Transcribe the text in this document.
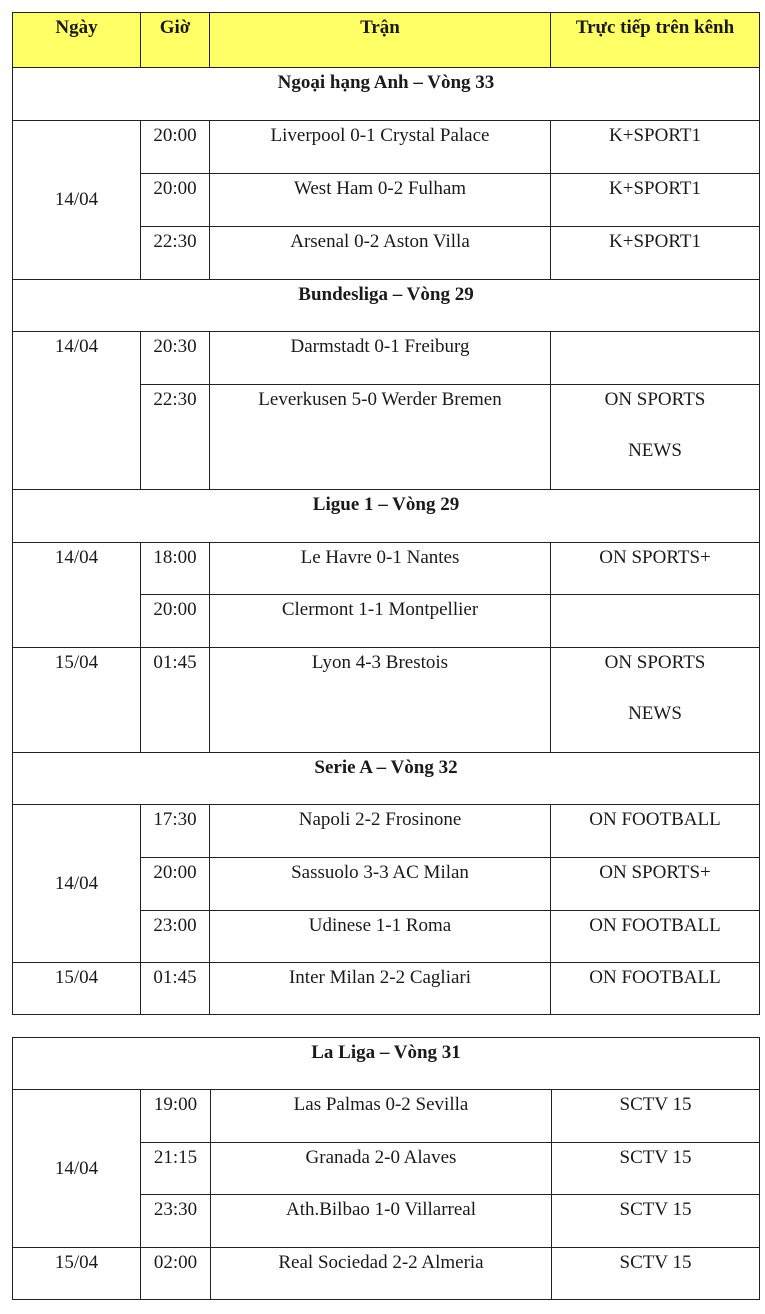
Ngày	Giờ	Trận	Trực tiếp trên kênh
Ngoại hạng Anh – Vòng 33			
14/04	20:00	Liverpool 0-1 Crystal Palace	K+SPORT1
	20:00	West Ham 0-2 Fulham	K+SPORT1
	22:30	Arsenal 0-2 Aston Villa	K+SPORT1
Bundesliga – Vòng 29			
14/04	20:30	Darmstadt 0-1 Freiburg	
	22:30	Leverkusen 5-0 Werder Bremen	ON SPORTS
NEWS

Ligue 1 – Vòng 29			
14/04	18:00	Le Havre 0-1 Nantes	ON SPORTS+
	20:00	Clermont 1-1 Montpellier	
15/04	01:45	Lyon 4-3 Brestois	ON SPORTS
NEWS

Serie A – Vòng 32			
14/04	17:30	Napoli 2-2 Frosinone	ON FOOTBALL
	20:00	Sassuolo 3-3 AC Milan	ON SPORTS+
	23:00	Udinese 1-1 Roma	ON FOOTBALL
15/04	01:45	Inter Milan 2-2 Cagliari	ON FOOTBALL
La Liga – Vòng 31			
14/04	19:00	Las Palmas 0-2 Sevilla	SCTV 15
	21:15	Granada 2-0 Alaves	SCTV 15
	23:30	Ath.Bilbao 1-0 Villarreal	SCTV 15
15/04	02:00	Real Sociedad 2-2 Almeria	SCTV 15
